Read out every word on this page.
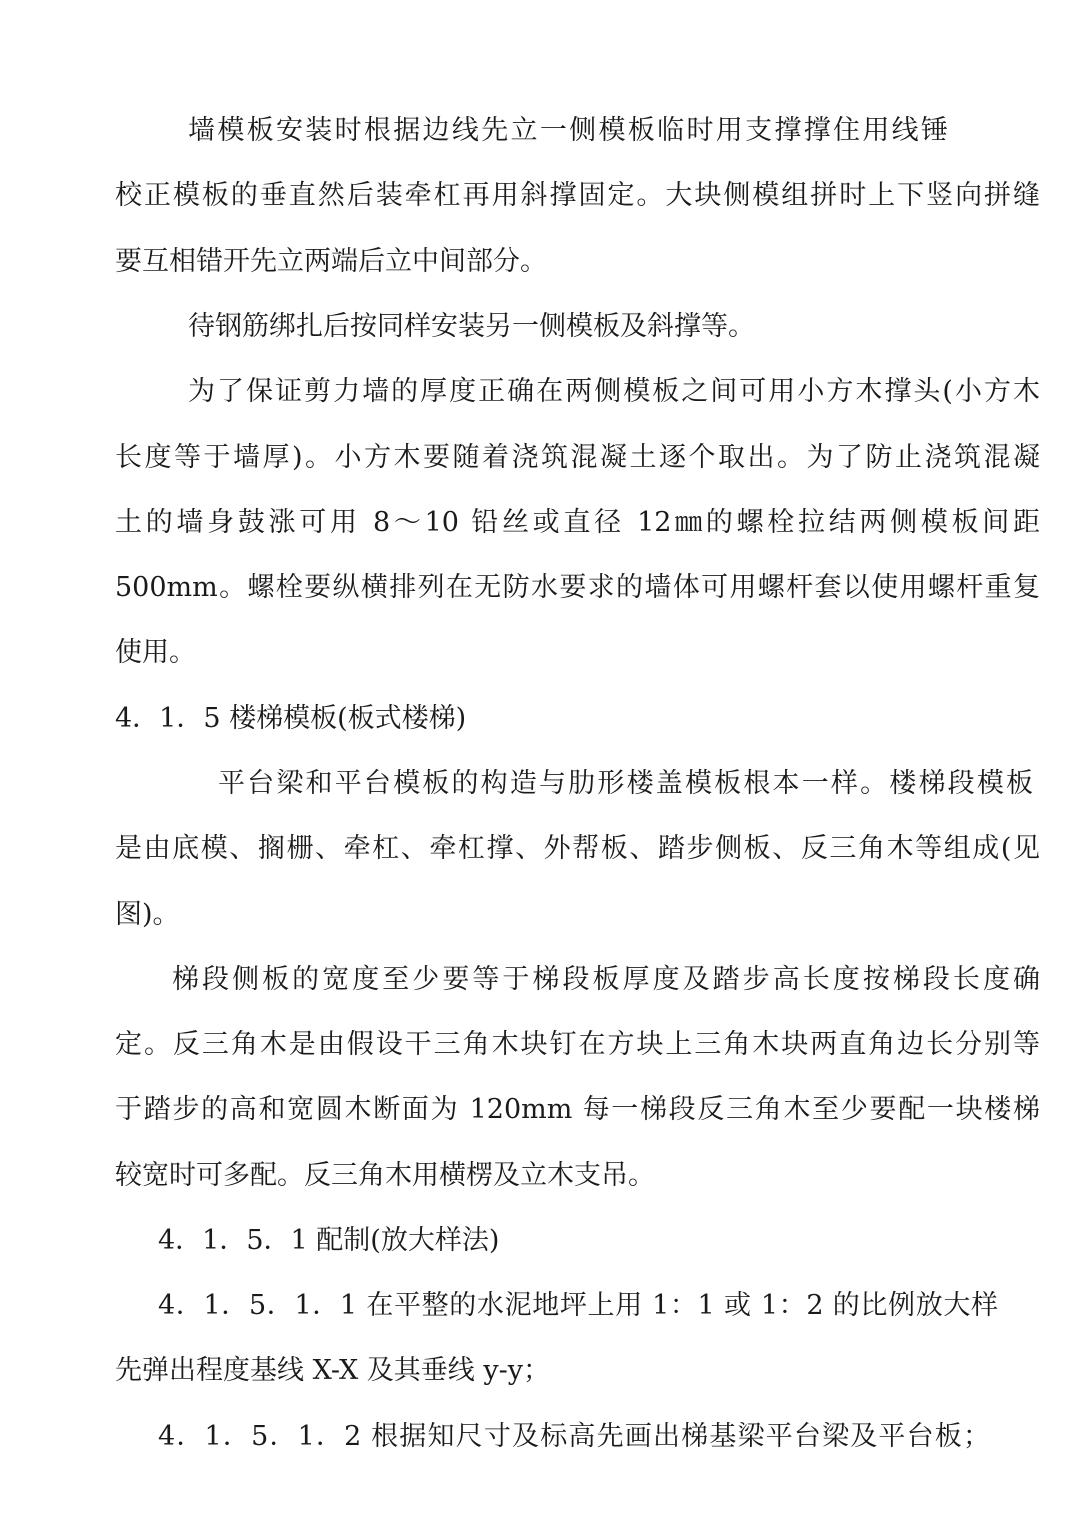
墙模板安装时根据边线先立一侧模板临时用支撑撑住用线锤

校正模板的垂直然后装牵杠再用斜撑固定。大块侧模组拼时上下竖向拼缝

要互相错开先立两端后立中间部分。

待钢筋绑扎后按同样安装另一侧模板及斜撑等。

为了保证剪力墙的厚度正确在两侧模板之间可用小方木撑头(小方木

长度等于墙厚)。小方木要随着浇筑混凝土逐个取出。为了防止浇筑混凝

土的墙身鼓涨可用 8～10 铅丝或直径 12㎜的螺栓拉结两侧模板间距

500mm。螺栓要纵横排列在无防水要求的墙体可用螺杆套以使用螺杆重复

使用。

4．1．5 楼梯模板(板式楼梯)

平台梁和平台模板的构造与肋形楼盖模板根本一样。楼梯段模板

是由底模、搁栅、牵杠、牵杠撑、外帮板、踏步侧板、反三角木等组成(见

图)。

梯段侧板的宽度至少要等于梯段板厚度及踏步高长度按梯段长度确

定。反三角木是由假设干三角木块钉在方块上三角木块两直角边长分别等

于踏步的高和宽圆木断面为 120mm 每一梯段反三角木至少要配一块楼梯

较宽时可多配。反三角木用横楞及立木支吊。

4．1．5．1 配制(放大样法)

4．1．5．1．1 在平整的水泥地坪上用 1：1 或 1：2 的比例放大样

先弹出程度基线 X-X 及其垂线 y-y；

4．1．5．1．2 根据知尺寸及标高先画出梯基梁平台梁及平台板；
